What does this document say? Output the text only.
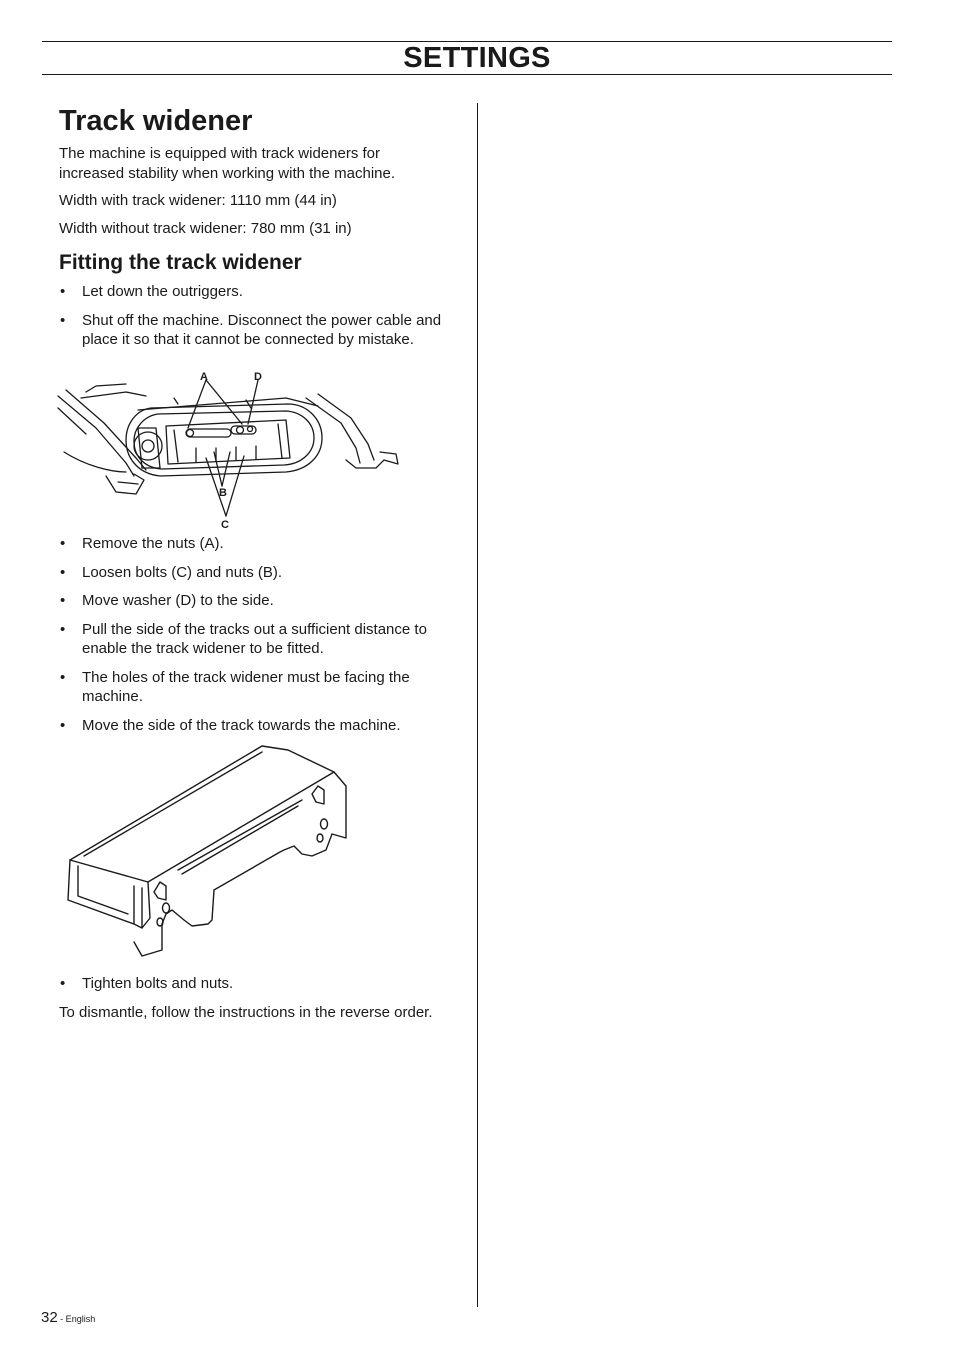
SETTINGS
Track widener

The machine is equipped with track wideners for increased stability when working with the machine.

Width with track widener: 1110 mm (44 in)

Width without track widener: 780 mm (31 in)

Fitting the track widener
• Let down the outriggers.
• Shut off the machine. Disconnect the power cable and place it so that it cannot be connected by mistake.
A	D
B
C
• Remove the nuts (A).
• Loosen bolts (C) and nuts (B).
• Move washer (D) to the side.
• Pull the side of the tracks out a sufficient distance to enable the track widener to be fitted.
• The holes of the track widener must be facing the machine.
• Move the side of the track towards the machine.
• Tighten bolts and nuts.

To dismantle, follow the instructions in the reverse order.

32 - English
